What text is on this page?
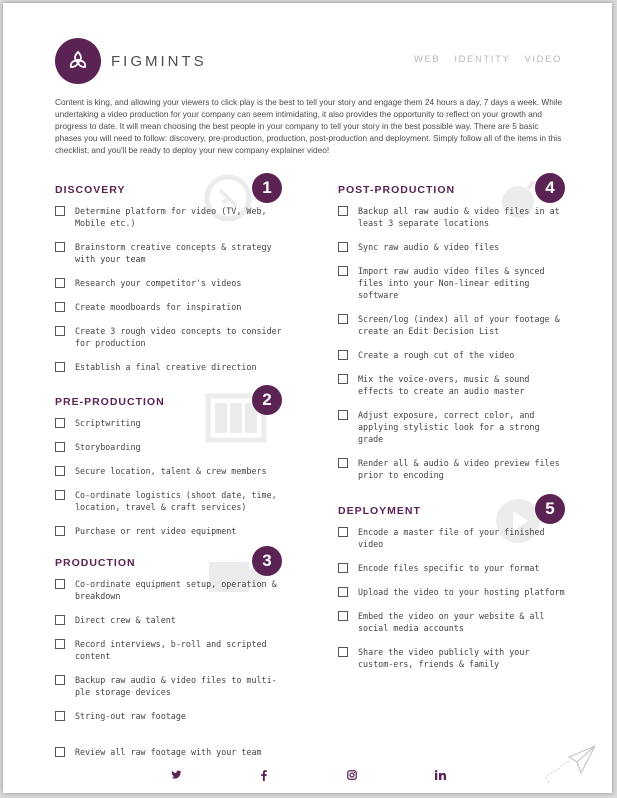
FIGMINTS	WEB IDENTITY VIDEO

Content is king, and allowing your viewers to click play is the best to tell your story and engage them 24 hours a day, 7 days a week. While undertaking a video production for your company can seem intimidating, it also provides the opportunity to reflect on your growth and progress to date. It will mean choosing the best people in your company to tell your story in the best possible way. There are 5 basic phases you will need to follow: discovery, pre-production, production, post-production and deployment. Simply follow all of the items in this checklist, and you'll be ready to deploy your new company explainer video!

DISCOVERY	1
Determine platform for video (TV, Web, Mobile etc.)
Brainstorm creative concepts & strategy with your team
Research your competitor's videos
Create moodboards for inspiration
Create 3 rough video concepts to consider for production
Establish a final creative direction
PRE-PRODUCTION	2
Scriptwriting
Storyboarding
Secure location, talent & crew members
Co-ordinate logistics (shoot date, time, location, travel & craft services)
Purchase or rent video equipment
PRODUCTION	3
Co-ordinate equipment setup, operation & breakdown
Direct crew & talent
Record interviews, b-roll and scripted content
Backup raw audio & video files to multi-ple storage devices
String-out raw footage
Review all raw footage with your team
POST-PRODUCTION	4
Backup all raw audio & video files in at least 3 separate locations
Sync raw audio & video files
Import raw audio video files & synced files into your Non-linear editing software
Screen/log (index) all of your footage & create an Edit Decision List
Create a rough cut of the video
Mix the voice-overs, music & sound effects to create an audio master
Adjust exposure, correct color, and applying stylistic look for a strong grade
Render all & audio & video preview files prior to encoding
DEPLOYMENT	5
Encode a master file of your finished video
Encode files specific to your format
Upload the video to your hosting platform
Embed the video on your website & all social media accounts
Share the video publicly with your custom-ers, friends & family
